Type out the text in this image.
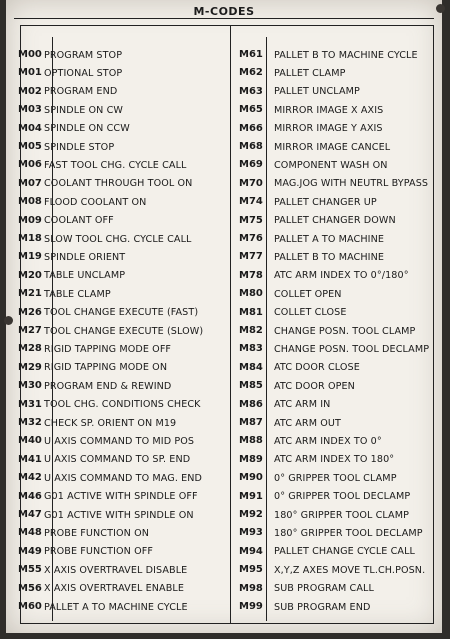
M-CODES
M00 PROGRAM STOP
M01 OPTIONAL STOP
M02 PROGRAM END
M03 SPINDLE ON CW
M04 SPINDLE ON CCW
M05 SPINDLE STOP
M06 FAST TOOL CHG. CYCLE CALL
M07 COOLANT THROUGH TOOL ON
M08 FLOOD COOLANT ON
M09 COOLANT OFF
M18 SLOW TOOL CHG. CYCLE CALL
M19 SPINDLE ORIENT
M20 TABLE UNCLAMP
M21 TABLE CLAMP
M26 TOOL CHANGE EXECUTE (FAST)
M27 TOOL CHANGE EXECUTE (SLOW)
M28 RIGID TAPPING MODE OFF
M29 RIGID TAPPING MODE ON
M30 PROGRAM END & REWIND
M31 TOOL CHG. CONDITIONS CHECK
M32 CHECK SP. ORIENT ON M19
M40 U AXIS COMMAND TO MID POS
M41 U AXIS COMMAND TO SP. END
M42 U AXIS COMMAND TO MAG. END
M46 G01 ACTIVE WITH SPINDLE OFF
M47 G01 ACTIVE WITH SPINDLE ON
M48 PROBE FUNCTION ON
M49 PROBE FUNCTION OFF
M55 X AXIS OVERTRAVEL DISABLE
M56 X AXIS OVERTRAVEL ENABLE
M60 PALLET A TO MACHINE CYCLE
M61 PALLET B TO MACHINE CYCLE
M62 PALLET CLAMP
M63 PALLET UNCLAMP
M65 MIRROR IMAGE X AXIS
M66 MIRROR IMAGE Y AXIS
M68 MIRROR IMAGE CANCEL
M69 COMPONENT WASH ON
M70 MAG.JOG WITH NEUTRL BYPASS
M74 PALLET CHANGER UP
M75 PALLET CHANGER DOWN
M76 PALLET A TO MACHINE
M77 PALLET B TO MACHINE
M78 ATC ARM INDEX TO 0°/180°
M80 COLLET OPEN
M81 COLLET CLOSE
M82 CHANGE POSN. TOOL CLAMP
M83 CHANGE POSN. TOOL DECLAMP
M84 ATC DOOR CLOSE
M85 ATC DOOR OPEN
M86 ATC ARM IN
M87 ATC ARM OUT
M88 ATC ARM INDEX TO 0°
M89 ATC ARM INDEX TO 180°
M90 0° GRIPPER TOOL CLAMP
M91 0° GRIPPER TOOL DECLAMP
M92 180° GRIPPER TOOL CLAMP
M93 180° GRIPPER TOOL DECLAMP
M94 PALLET CHANGE CYCLE CALL
M95 X,Y,Z AXES MOVE TL.CH.POSN.
M98 SUB PROGRAM CALL
M99 SUB PROGRAM END
